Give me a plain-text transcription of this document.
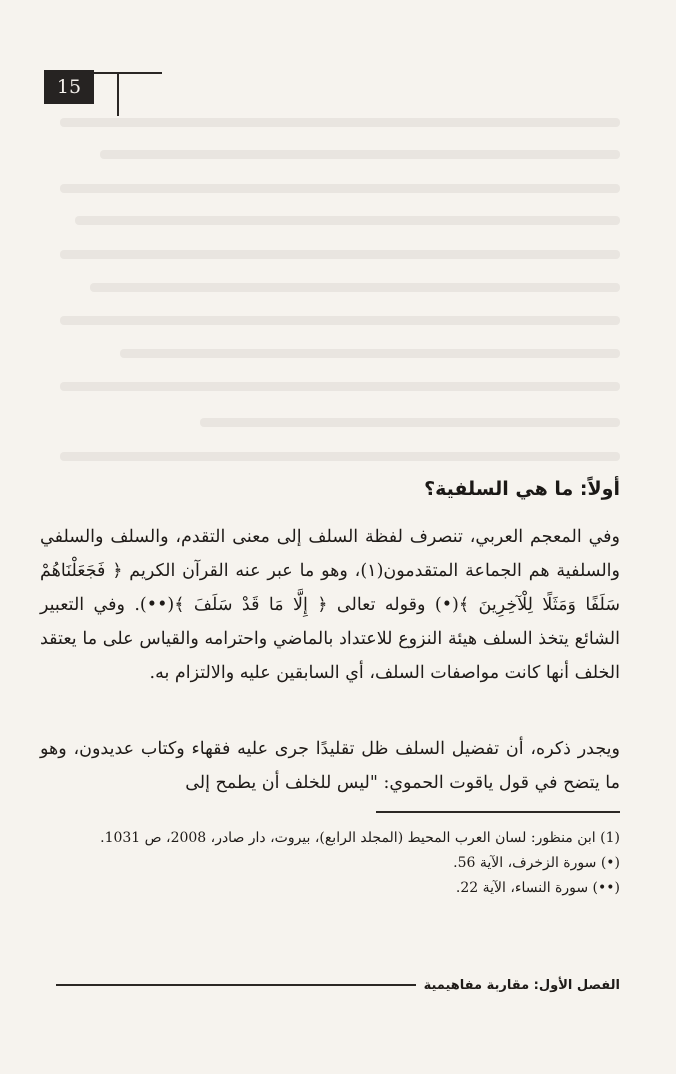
15
أولاً: ما هي السلفية؟

وفي المعجم العربي، تنصرف لفظة السلف إلى معنى التقدم، والسلف والسلفي والسلفية هم الجماعة المتقدمون(١)، وهو ما عبر عنه القرآن الكريم ﴿ فَجَعَلْنَاهُمْ سَلَفًا وَمَثَلًا لِلْآخِرِينَ ﴾(•) وقوله تعالى ﴿ إِلَّا مَا قَدْ سَلَفَ ﴾(••). وفي التعبير الشائع يتخذ السلف هيئة النزوع للاعتداد بالماضي واحترامه والقياس على ما يعتقد الخلف أنها كانت مواصفات السلف، أي السابقين عليه والالتزام به.

ويجدر ذكره، أن تفضيل السلف ظل تقليدًا جرى عليه فقهاء وكتاب عديدون، وهو ما يتضح في قول ياقوت الحموي: "ليس للخلف أن يطمح إلى

(1) ابن منظور: لسان العرب المحيط (المجلد الرابع)، بيروت، دار صادر، 2008، ص 1031.

(•) سورة الزخرف، الآية 56.

(••) سورة النساء، الآية 22.

الفصل الأول: مقاربة مفاهيمية
